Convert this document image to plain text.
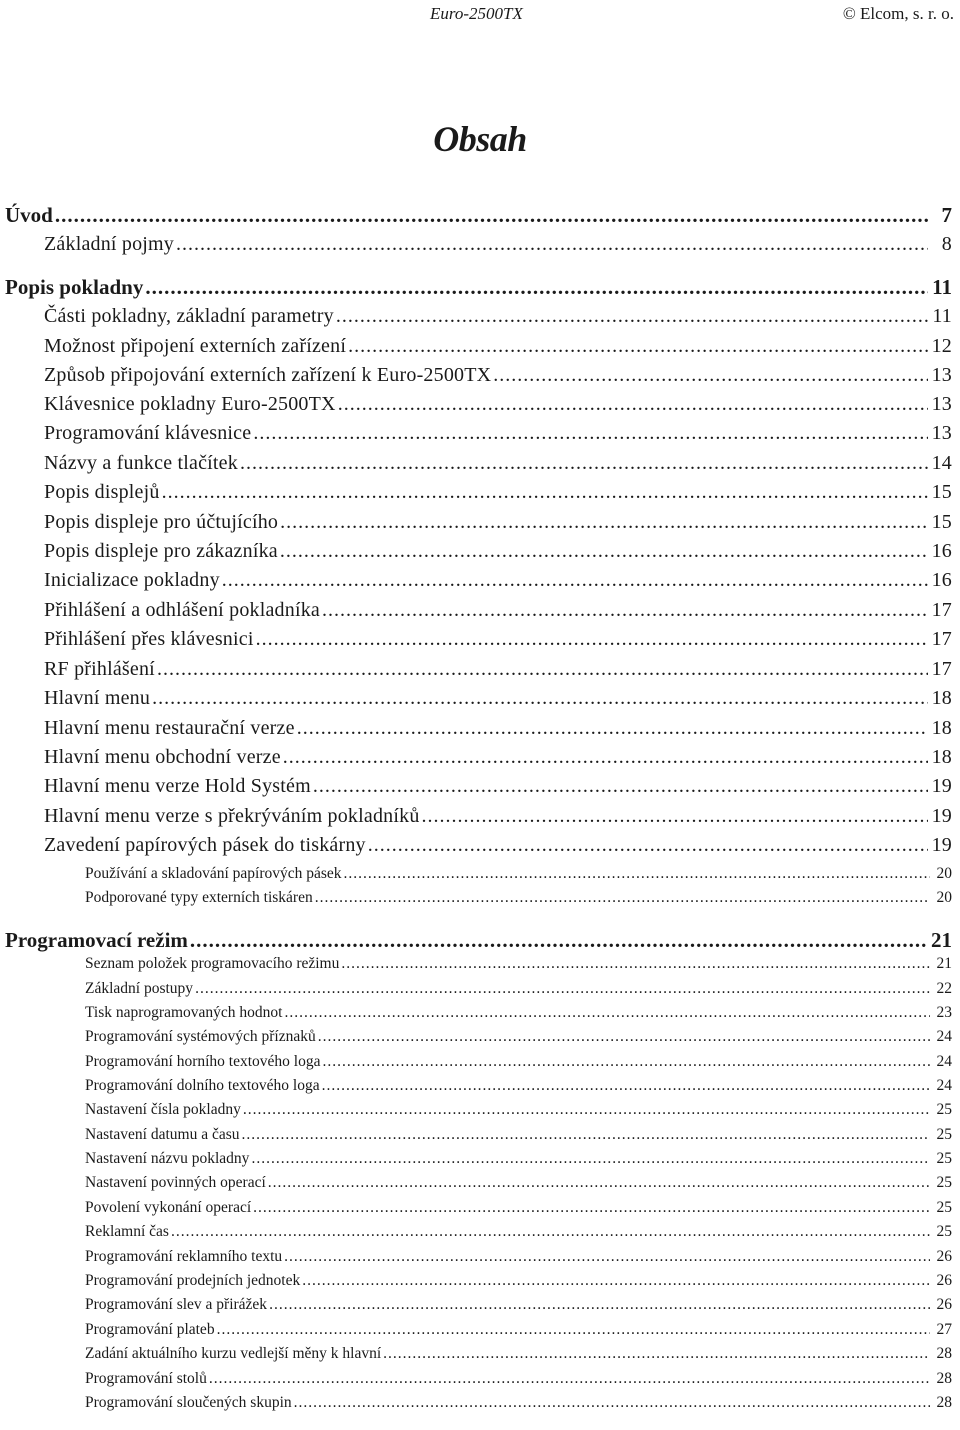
Euro-2500TX	© Elcom, s. r. o.
Obsah
Úvod .....	7
Základní pojmy .....	8
Popis pokladny .....	11
Části pokladny, základní parametry .....	11
Možnost připojení externích zařízení .....	12
Způsob připojování externích zařízení k Euro-2500TX .....	13
Klávesnice pokladny Euro-2500TX .....	13
Programování klávesnice .....	13
Názvy a funkce tlačítek .....	14
Popis displejů .....	15
Popis displeje pro účtujícího .....	15
Popis displeje pro zákazníka .....	16
Inicializace pokladny .....	16
Přihlášení a odhlášení pokladníka .....	17
Přihlášení přes klávesnici .....	17
RF přihlášení .....	17
Hlavní menu .....	18
Hlavní menu restaurační verze .....	18
Hlavní menu obchodní verze .....	18
Hlavní menu verze Hold Systém .....	19
Hlavní menu verze s překrýváním pokladníků .....	19
Zavedení papírových pásek do tiskárny .....	19
Používání a skladování papírových pásek .....	20
Podporované typy externích tiskáren .....	20
Programovací režim .....	21
Seznam položek programovacího režimu .....	21
Základní postupy .....	22
Tisk naprogramovaných hodnot .....	23
Programování systémových příznaků .....	24
Programování horního textového loga .....	24
Programování dolního textového loga .....	24
Nastavení čísla pokladny .....	25
Nastavení datumu a času .....	25
Nastavení názvu pokladny .....	25
Nastavení povinných operací .....	25
Povolení vykonání operací .....	25
Reklamní čas .....	25
Programování reklamního textu .....	26
Programování prodejních jednotek .....	26
Programování slev a přirážek .....	26
Programování plateb .....	27
Zadání aktuálního kurzu vedlejší měny k hlavní .....	28
Programování stolů .....	28
Programování sloučených skupin .....	28
